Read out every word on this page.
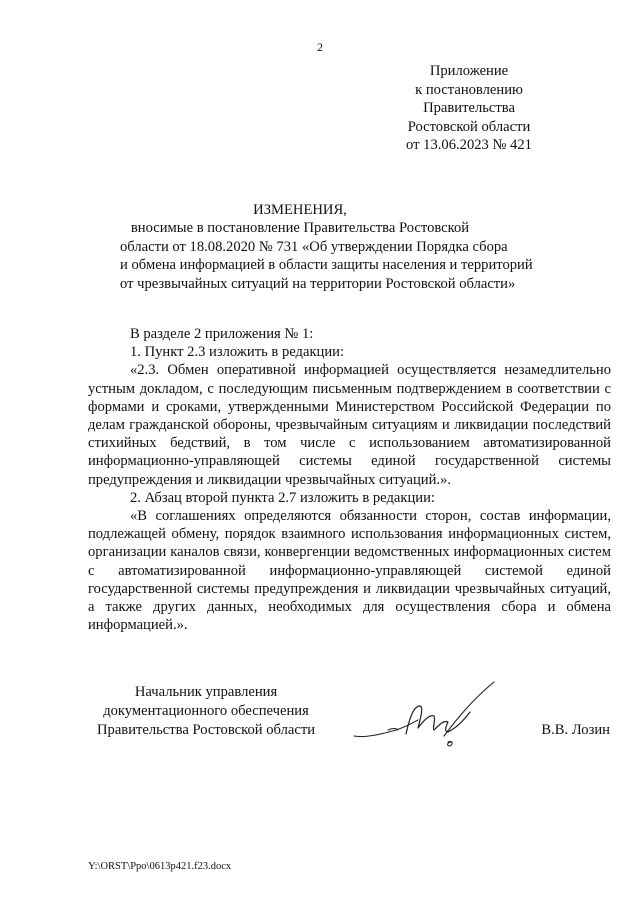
2
Приложение
к постановлению
Правительства
Ростовской области
от 13.06.2023 № 421
ИЗМЕНЕНИЯ,
вносимые в постановление Правительства Ростовской
области от 18.08.2020 № 731 «Об утверждении Порядка сбора
и обмена информацией в области защиты населения и территорий
от чрезвычайных ситуаций на территории Ростовской области»

В разделе 2 приложения № 1:

1. Пункт 2.3 изложить в редакции:

«2.3. Обмен оперативной информацией осуществляется незамедлительно устным докладом, с последующим письменным подтверждением в соответствии с формами и сроками, утвержденными Министерством Российской Федерации по делам гражданской обороны, чрезвычайным ситуациям и ликвидации последствий стихийных бедствий, в том числе с использованием автоматизированной информационно-управляющей системы единой государственной системы предупреждения и ликвидации чрезвычайных ситуаций.».

2. Абзац второй пункта 2.7 изложить в редакции:

«В соглашениях определяются обязанности сторон, состав информации, подлежащей обмену, порядок взаимного использования информационных систем, организации каналов связи, конвергенции ведомственных информационных систем с автоматизированной информационно-управляющей системой единой государственной системы предупреждения и ликвидации чрезвычайных ситуаций, а также других данных, необходимых для осуществления сбора и обмена информацией.».

Начальник управления
документационного обеспечения
Правительства Ростовской области	В.В. Лозин
Y:\ORST\Ppo\0613p421.f23.docx
